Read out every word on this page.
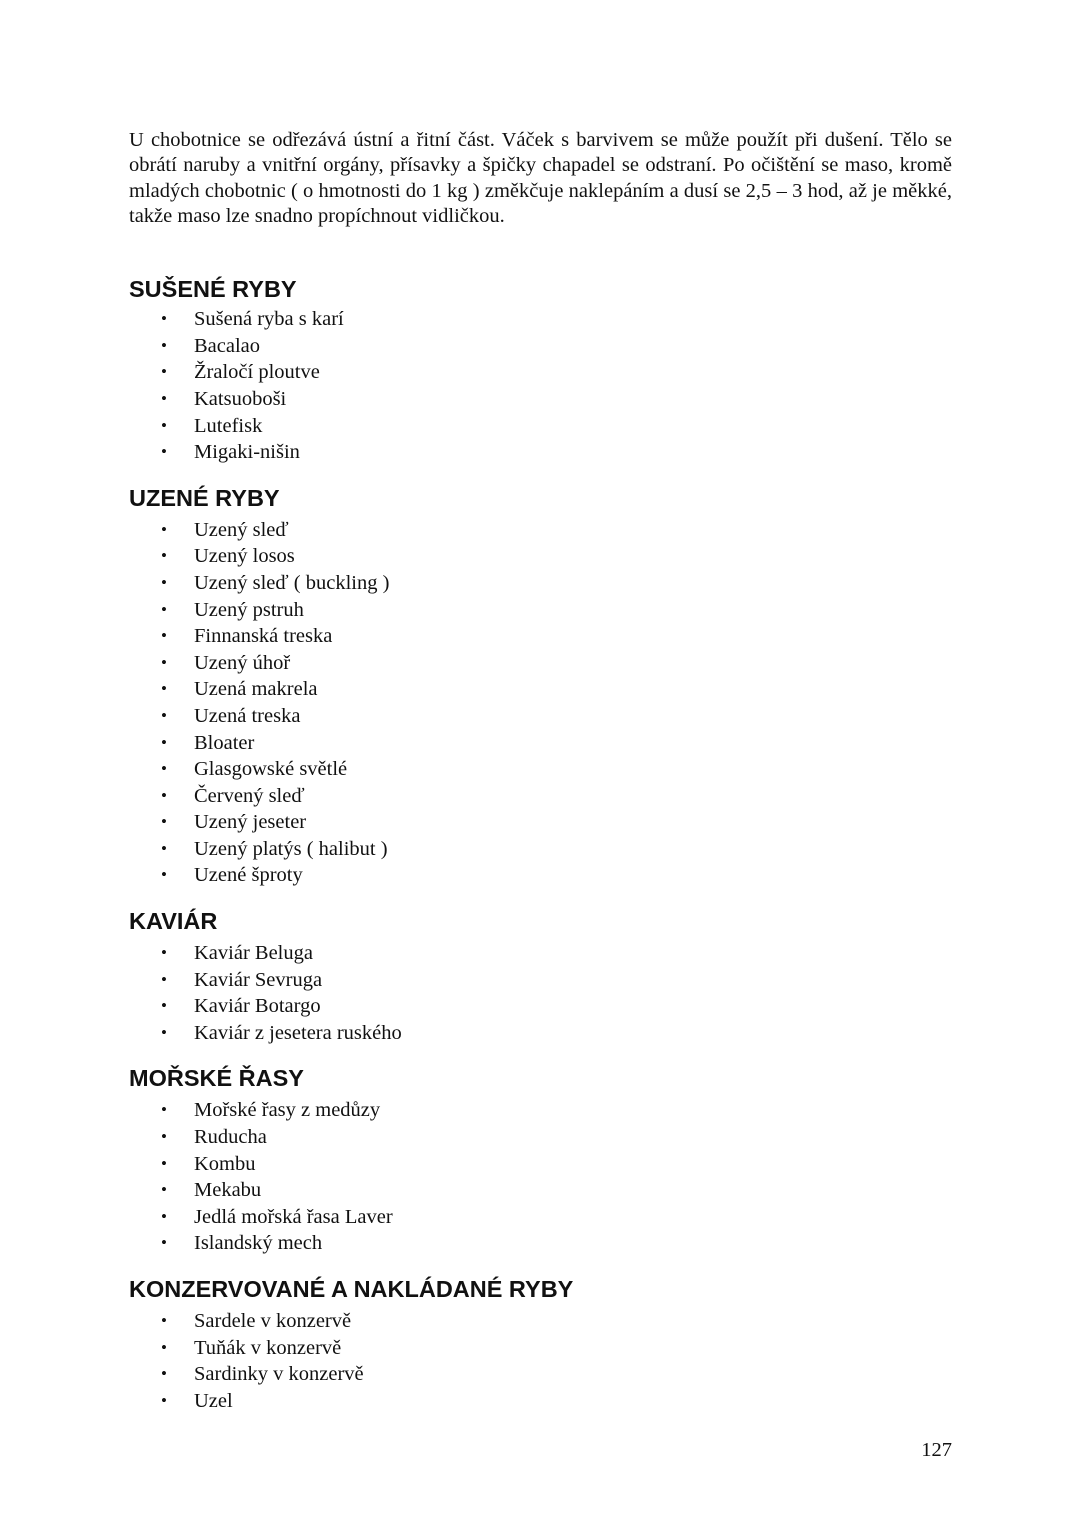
U chobotnice se odřezává ústní a řitní část. Váček s barvivem se může použít při dušení. Tělo se obrátí naruby a vnitřní orgány, přísavky a špičky chapadel se odstraní. Po očištění se maso, kromě mladých chobotnic ( o hmotnosti do 1 kg ) změkčuje naklepáním a dusí se 2,5 – 3 hod, až je měkké, takže maso lze snadno propíchnout vidličkou.

SUŠENÉ RYBY
• Sušená ryba s karí
• Bacalao
• Žraločí ploutve
• Katsuoboši
• Lutefisk
• Migaki-nišin
UZENÉ RYBY
• Uzený sleď
• Uzený losos
• Uzený sleď ( buckling )
• Uzený pstruh
• Finnanská treska
• Uzený úhoř
• Uzená makrela
• Uzená treska
• Bloater
• Glasgowské světlé
• Červený sleď
• Uzený jeseter
• Uzený platýs ( halibut )
• Uzené šproty
KAVIÁR
• Kaviár Beluga
• Kaviár Sevruga
• Kaviár Botargo
• Kaviár z jesetera ruského
MOŘSKÉ ŘASY
• Mořské řasy z medůzy
• Ruducha
• Kombu
• Mekabu
• Jedlá mořská řasa Laver
• Islandský mech
KONZERVOVANÉ A NAKLÁDANÉ RYBY
• Sardele v konzervě
• Tuňák v konzervě
• Sardinky v konzervě
• Uzel
127
